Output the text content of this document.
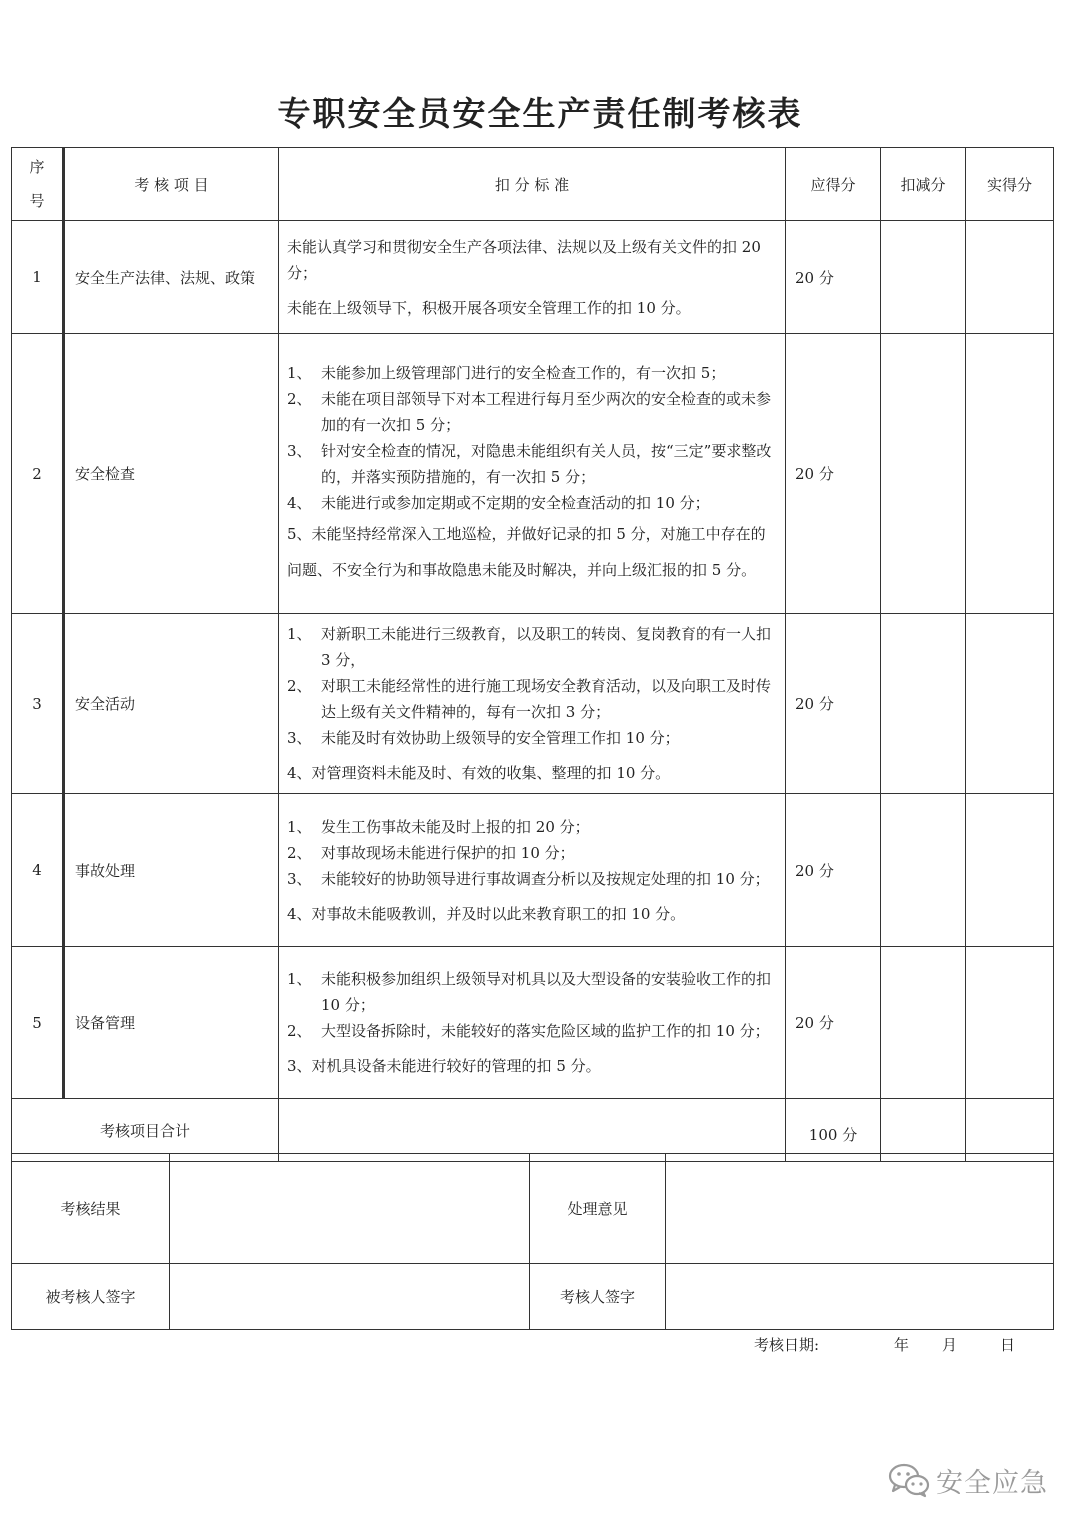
专职安全员安全生产责任制考核表
序
号	考 核 项 目	扣 分 标 准	应得分	扣减分	实得分
1	安全生产法律、法规、政策	未能认真学习和贯彻安全生产各项法律、法规以及上级有关文件的扣 20 分；
未能在上级领导下，积极开展各项安全管理工作的扣 10 分。	20 分		
2	安全检查	1、 未能参加上级管理部门进行的安全检查工作的，有一次扣 5；
2、 未能在项目部领导下对本工程进行每月至少两次的安全检查的或未参加的有一次扣 5 分；
3、 针对安全检查的情况，对隐患未能组织有关人员，按“三定”要求整改的，并落实预防措施的，有一次扣 5 分；
4、 未能进行或参加定期或不定期的安全检查活动的扣 10 分；
5、未能坚持经常深入工地巡检，并做好记录的扣 5 分，对施工中存在的问题、不安全行为和事故隐患未能及时解决，并向上级汇报的扣 5 分。	20 分		
3	安全活动	1、 对新职工未能进行三级教育，以及职工的转岗、复岗教育的有一人扣 3 分，
2、 对职工未能经常性的进行施工现场安全教育活动，以及向职工及时传达上级有关文件精神的，每有一次扣 3 分；
3、 未能及时有效协助上级领导的安全管理工作扣 10 分；
4、对管理资料未能及时、有效的收集、整理的扣 10 分。	20 分		
4	事故处理	1、 发生工伤事故未能及时上报的扣 20 分；
2、 对事故现场未能进行保护的扣 10 分；
3、 未能较好的协助领导进行事故调查分析以及按规定处理的扣 10 分；
4、对事故未能吸教训，并及时以此来教育职工的扣 10 分。	20 分		
5	设备管理	1、 未能积极参加组织上级领导对机具以及大型设备的安装验收工作的扣 10 分；
2、 大型设备拆除时，未能较好的落实危险区域的监护工作的扣 10 分；
3、对机具设备未能进行较好的管理的扣 5 分。	20 分		
考核项目合计			100 分		
考核结果		处理意见	
被考核人签字		考核人签字	
考核日期:	年 月	日
安全应急
